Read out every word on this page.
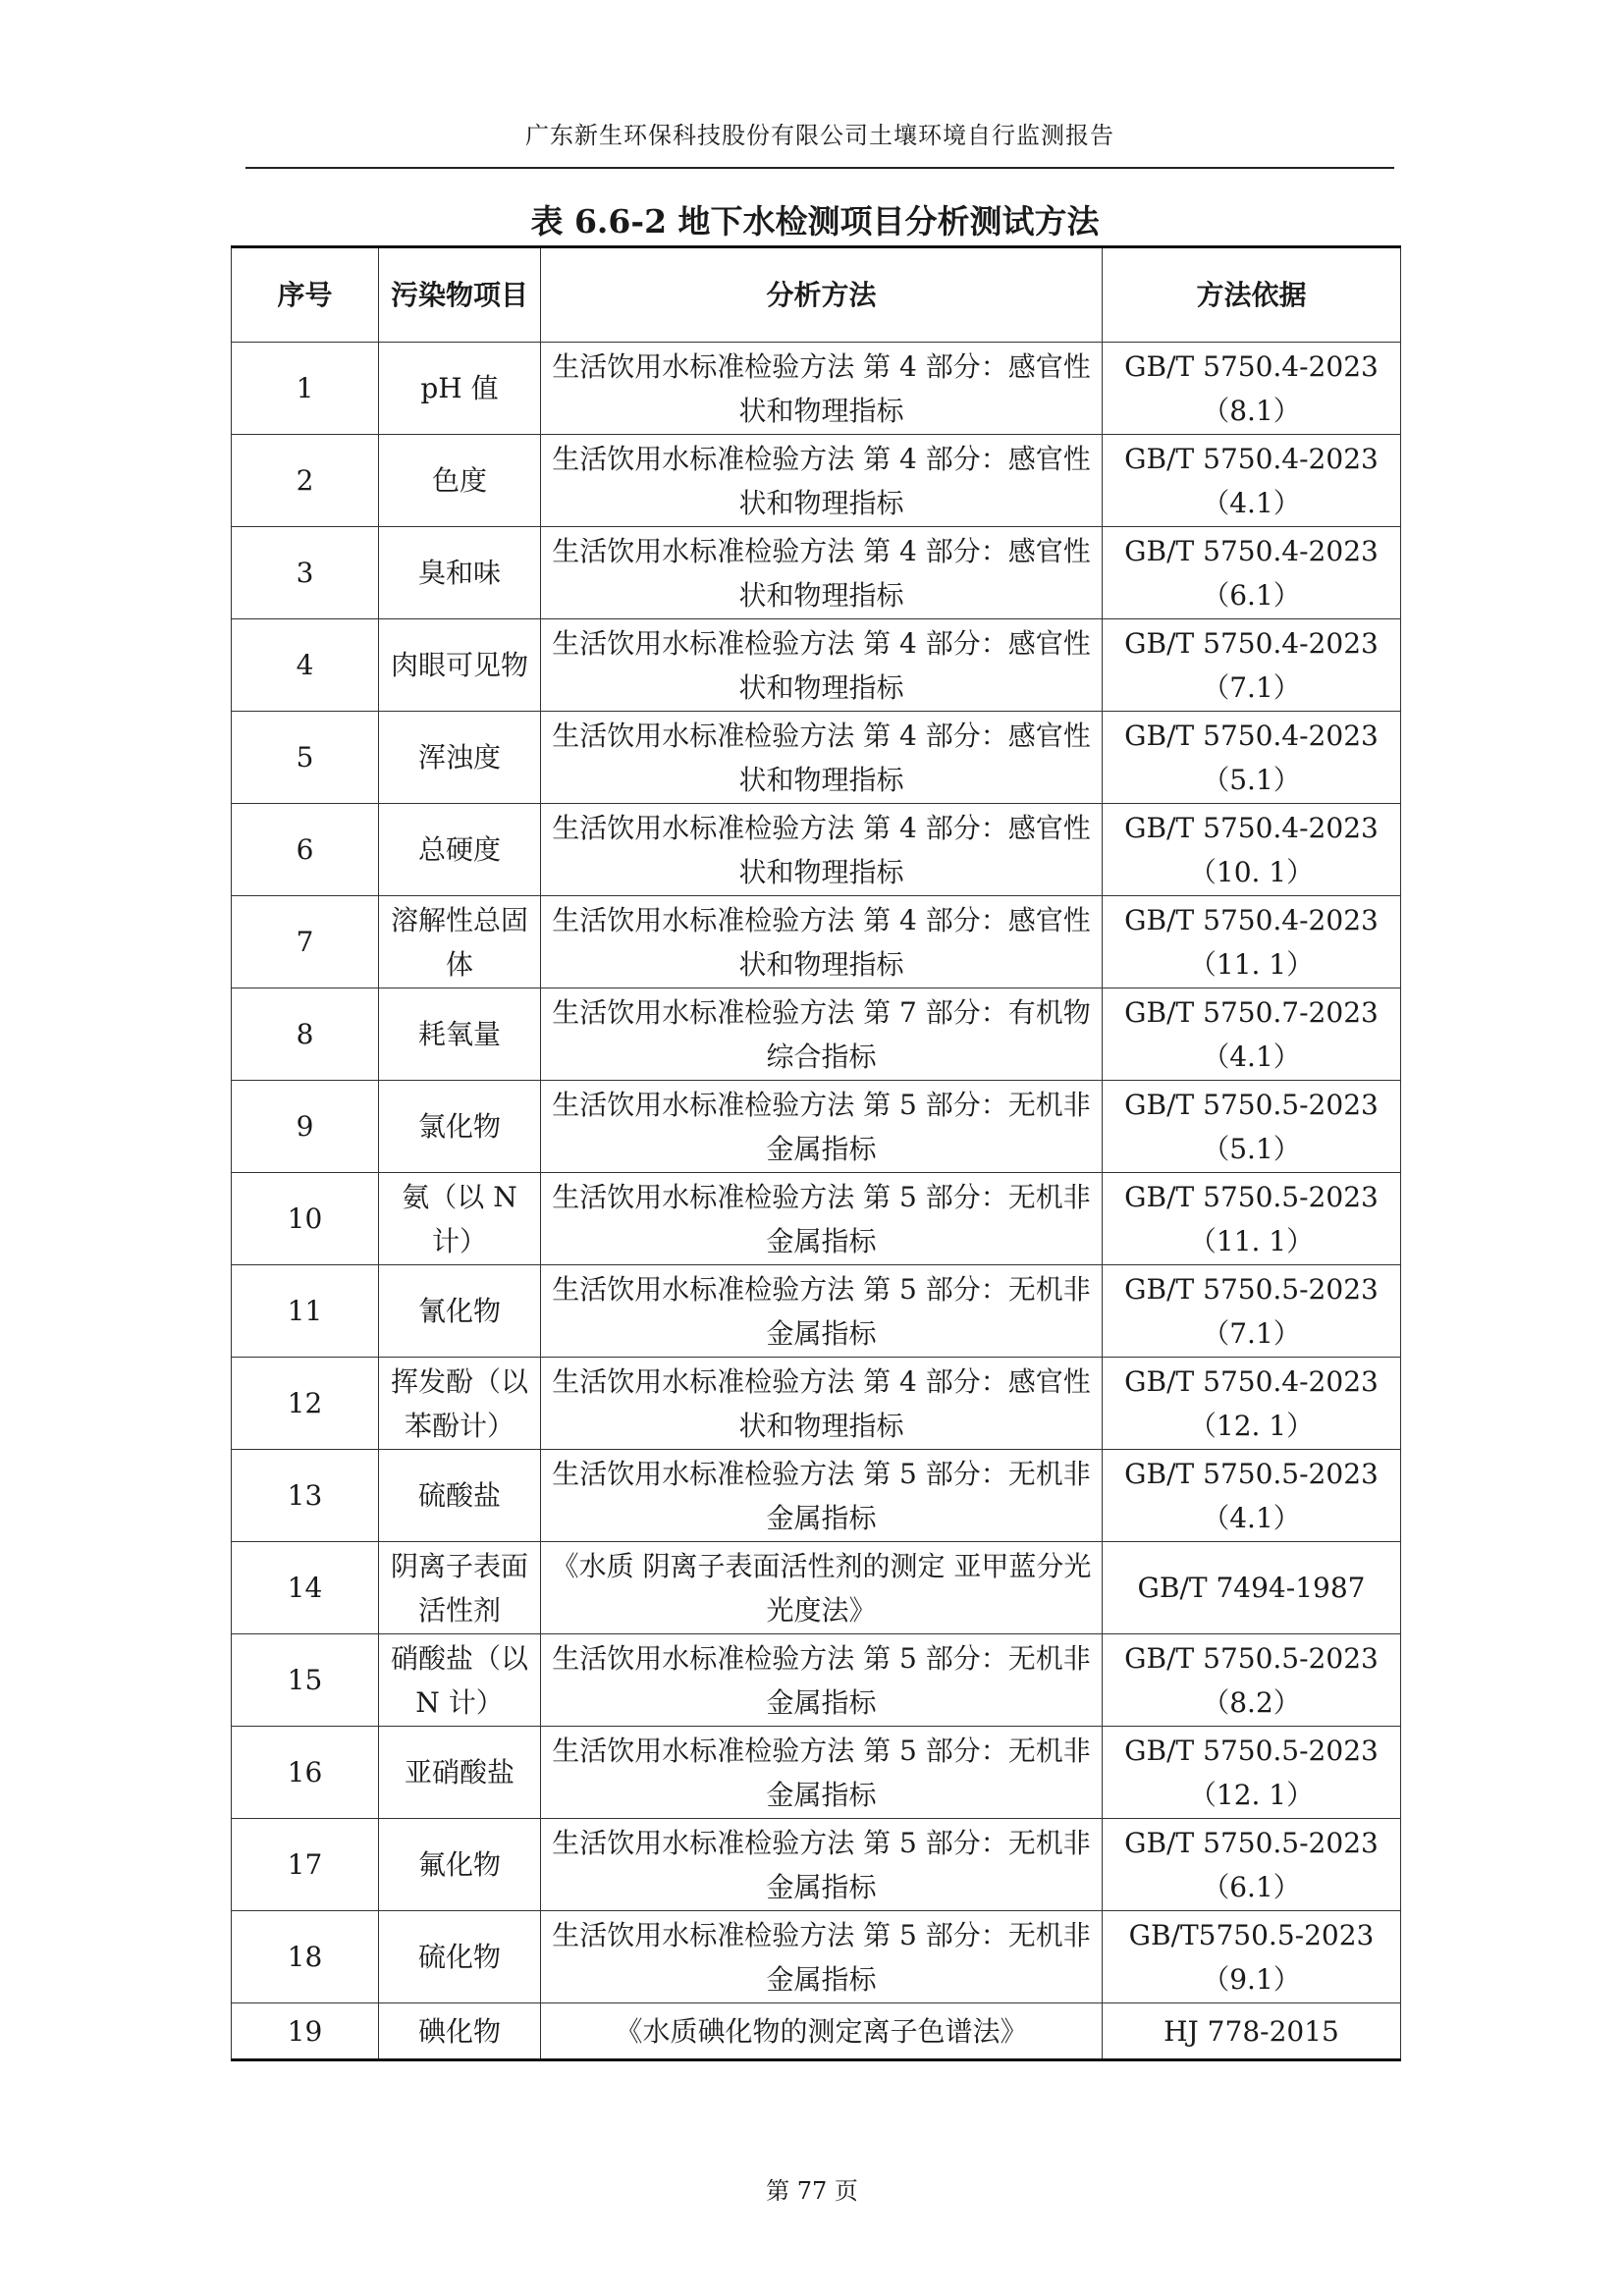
广东新生环保科技股份有限公司土壤环境自行监测报告
表 6.6-2 地下水检测项目分析测试方法
序号	污染物项目	分析方法	方法依据
1	pH 值	生活饮用水标准检验方法 第 4 部分：感官性状和物理指标	GB/T 5750.4-2023（8.1）
2	色度	生活饮用水标准检验方法 第 4 部分：感官性状和物理指标	GB/T 5750.4-2023（4.1）
3	臭和味	生活饮用水标准检验方法 第 4 部分：感官性状和物理指标	GB/T 5750.4-2023（6.1）
4	肉眼可见物	生活饮用水标准检验方法 第 4 部分：感官性状和物理指标	GB/T 5750.4-2023（7.1）
5	浑浊度	生活饮用水标准检验方法 第 4 部分：感官性状和物理指标	GB/T 5750.4-2023（5.1）
6	总硬度	生活饮用水标准检验方法 第 4 部分：感官性状和物理指标	GB/T 5750.4-2023（10. 1）
7	溶解性总固体	生活饮用水标准检验方法 第 4 部分：感官性状和物理指标	GB/T 5750.4-2023（11. 1）
8	耗氧量	生活饮用水标准检验方法 第 7 部分：有机物综合指标	GB/T 5750.7-2023（4.1）
9	氯化物	生活饮用水标准检验方法 第 5 部分：无机非金属指标	GB/T 5750.5-2023（5.1）
10	氨（以 N 计）	生活饮用水标准检验方法 第 5 部分：无机非金属指标	GB/T 5750.5-2023（11. 1）
11	氰化物	生活饮用水标准检验方法 第 5 部分：无机非金属指标	GB/T 5750.5-2023（7.1）
12	挥发酚（以苯酚计）	生活饮用水标准检验方法 第 4 部分：感官性状和物理指标	GB/T 5750.4-2023（12. 1）
13	硫酸盐	生活饮用水标准检验方法 第 5 部分：无机非金属指标	GB/T 5750.5-2023（4.1）
14	阴离子表面活性剂	《水质 阴离子表面活性剂的测定 亚甲蓝分光光度法》	GB/T 7494-1987
15	硝酸盐（以 N 计）	生活饮用水标准检验方法 第 5 部分：无机非金属指标	GB/T 5750.5-2023（8.2）
16	亚硝酸盐	生活饮用水标准检验方法 第 5 部分：无机非金属指标	GB/T 5750.5-2023（12. 1）
17	氟化物	生活饮用水标准检验方法 第 5 部分：无机非金属指标	GB/T 5750.5-2023（6.1）
18	硫化物	生活饮用水标准检验方法 第 5 部分：无机非金属指标	GB/T5750.5-2023（9.1）
19	碘化物	《水质碘化物的测定离子色谱法》	HJ 778-2015
第 77 页
